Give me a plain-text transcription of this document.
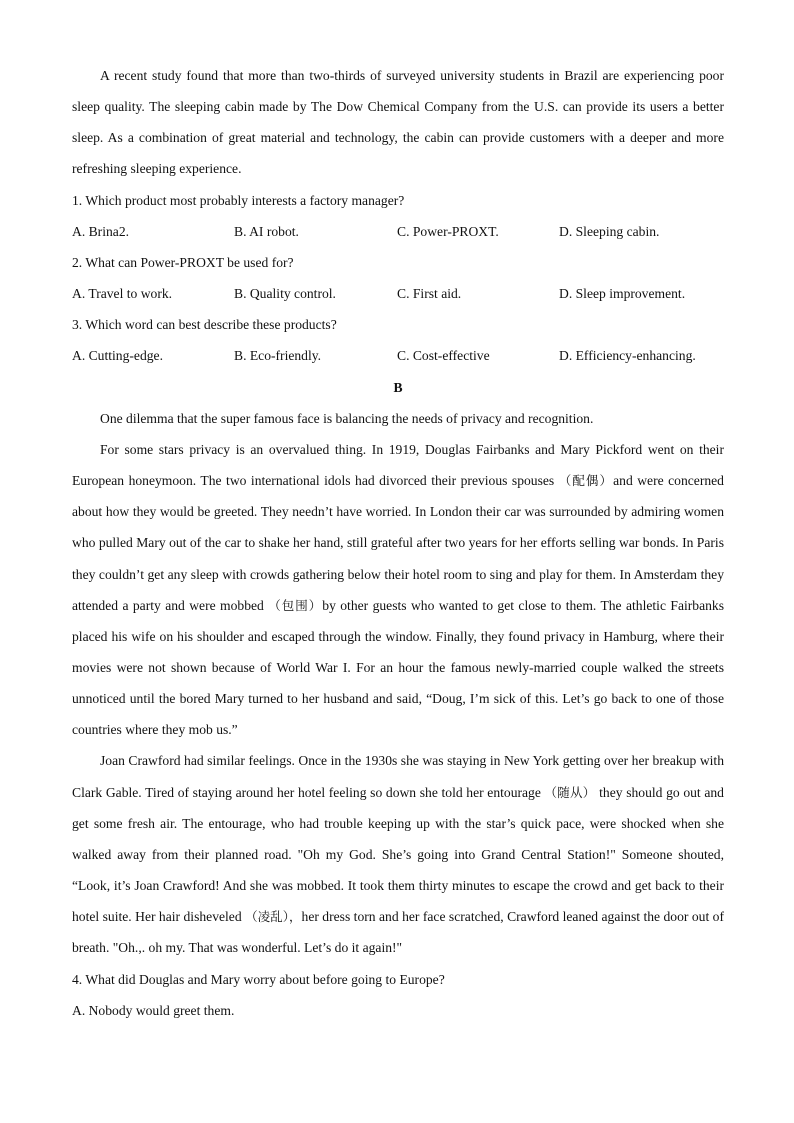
A recent study found that more than two-thirds of surveyed university students in Brazil are experiencing poor sleep quality. The sleeping cabin made by The Dow Chemical Company from the U.S. can provide its users a better sleep. As a combination of great material and technology, the cabin can provide customers with a deeper and more refreshing sleeping experience.

1. Which product most probably interests a factory manager?

A. Brina2.	B. AI robot.	C. Power-PROXT.	D. Sleeping cabin.

2. What can Power-PROXT be used for?

A. Travel to work.	B. Quality control.	C. First aid.	D. Sleep improvement.

3. Which word can best describe these products?

A. Cutting-edge.	B. Eco-friendly.	C. Cost-effective	D. Efficiency-enhancing.

B

One dilemma that the super famous face is balancing the needs of privacy and recognition.

For some stars privacy is an overvalued thing. In 1919, Douglas Fairbanks and Mary Pickford went on their European honeymoon. The two international idols had divorced their previous spouses （配偶）and were concerned about how they would be greeted. They needn’t have worried. In London their car was surrounded by admiring women who pulled Mary out of the car to shake her hand, still grateful after two years for her efforts selling war bonds. In Paris they couldn’t get any sleep with crowds gathering below their hotel room to sing and play for them. In Amsterdam they attended a party and were mobbed （包围）by other guests who wanted to get close to them. The athletic Fairbanks placed his wife on his shoulder and escaped through the window. Finally, they found privacy in Hamburg, where their movies were not shown because of World War I. For an hour the famous newly-married couple walked the streets unnoticed until the bored Mary turned to her husband and said, “Doug, I’m sick of this. Let’s go back to one of those countries where they mob us.”

Joan Crawford had similar feelings. Once in the 1930s she was staying in New York getting over her breakup with Clark Gable. Tired of staying around her hotel feeling so down she told her entourage （随从） they should go out and get some fresh air. The entourage, who had trouble keeping up with the star’s quick pace, were shocked when she walked away from their planned road. "Oh my God. She’s going into Grand Central Station!" Someone shouted, “Look, it’s Joan Crawford! And she was mobbed. It took them thirty minutes to escape the crowd and get back to their hotel suite. Her hair disheveled （凌乱），her dress torn and her face scratched, Crawford leaned against the door out of breath. "Oh.,. oh my. That was wonderful. Let’s do it again!"

4. What did Douglas and Mary worry about before going to Europe?

A. Nobody would greet them.
